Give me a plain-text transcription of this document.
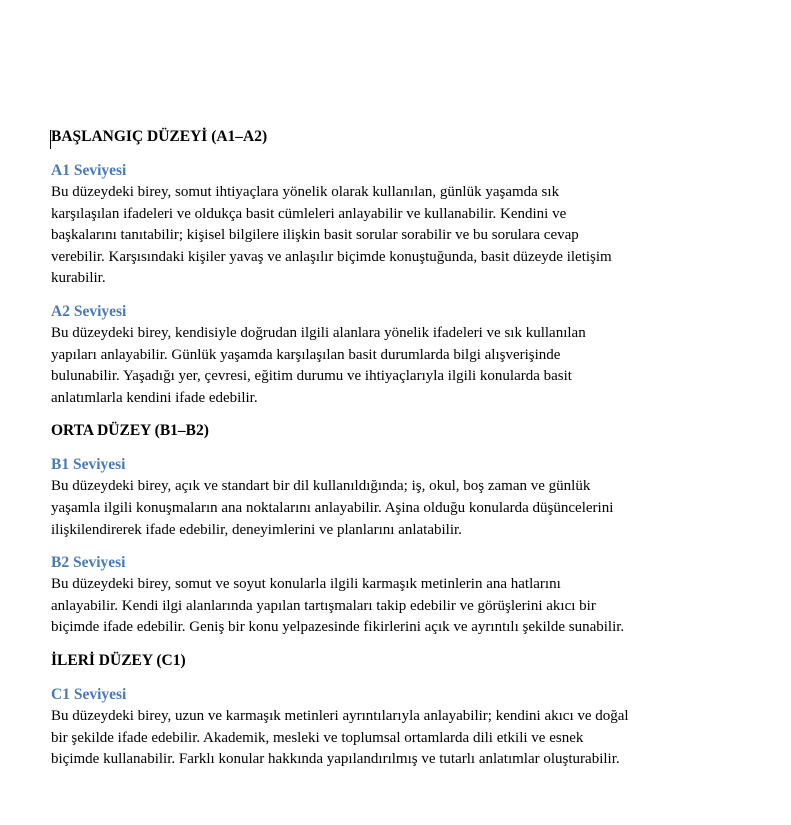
BAŞLANGIÇ DÜZEYİ (A1–A2)
A1 Seviyesi

Bu düzeydeki birey, somut ihtiyaçlara yönelik olarak kullanılan, günlük yaşamda sık karşılaşılan ifadeleri ve oldukça basit cümleleri anlayabilir ve kullanabilir. Kendini ve başkalarını tanıtabilir; kişisel bilgilere ilişkin basit sorular sorabilir ve bu sorulara cevap verebilir. Karşısındaki kişiler yavaş ve anlaşılır biçimde konuştuğunda, basit düzeyde iletişim kurabilir.

A2 Seviyesi

Bu düzeydeki birey, kendisiyle doğrudan ilgili alanlara yönelik ifadeleri ve sık kullanılan yapıları anlayabilir. Günlük yaşamda karşılaşılan basit durumlarda bilgi alışverişinde bulunabilir. Yaşadığı yer, çevresi, eğitim durumu ve ihtiyaçlarıyla ilgili konularda basit anlatımlarla kendini ifade edebilir.

ORTA DÜZEY (B1–B2)
B1 Seviyesi

Bu düzeydeki birey, açık ve standart bir dil kullanıldığında; iş, okul, boş zaman ve günlük yaşamla ilgili konuşmaların ana noktalarını anlayabilir. Aşina olduğu konularda düşüncelerini ilişkilendirerek ifade edebilir, deneyimlerini ve planlarını anlatabilir.

B2 Seviyesi

Bu düzeydeki birey, somut ve soyut konularla ilgili karmaşık metinlerin ana hatlarını anlayabilir. Kendi ilgi alanlarında yapılan tartışmaları takip edebilir ve görüşlerini akıcı bir biçimde ifade edebilir. Geniş bir konu yelpazesinde fikirlerini açık ve ayrıntılı şekilde sunabilir.

İLERİ DÜZEY (C1)
C1 Seviyesi

Bu düzeydeki birey, uzun ve karmaşık metinleri ayrıntılarıyla anlayabilir; kendini akıcı ve doğal bir şekilde ifade edebilir. Akademik, mesleki ve toplumsal ortamlarda dili etkili ve esnek biçimde kullanabilir. Farklı konular hakkında yapılandırılmış ve tutarlı anlatımlar oluşturabilir.
